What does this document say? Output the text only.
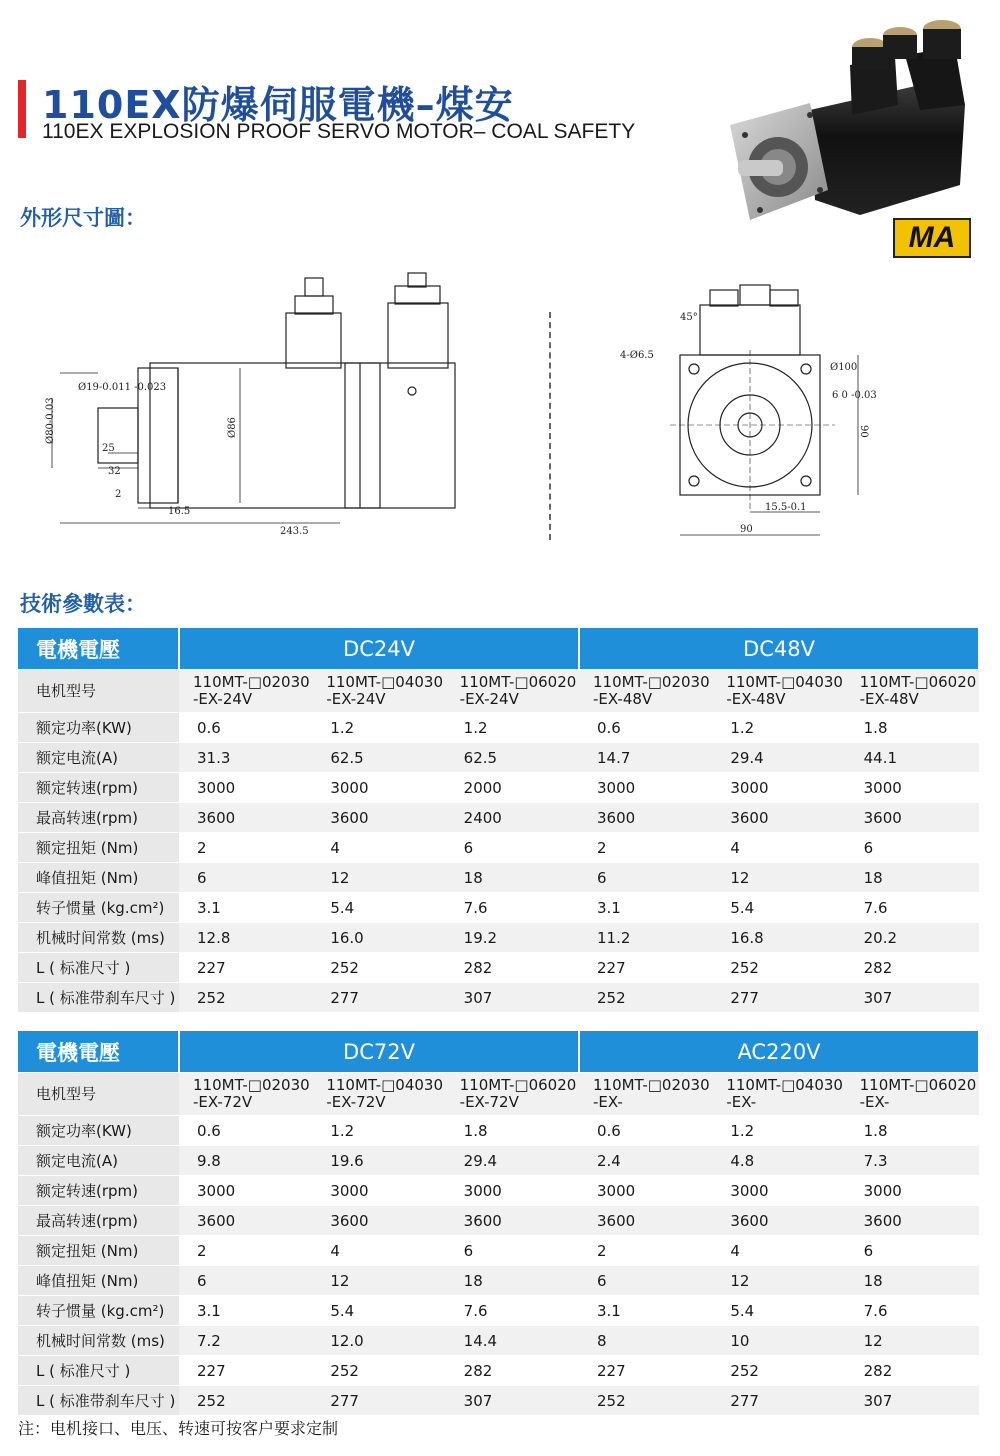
110EX防爆伺服電機–煤安
110EX EXPLOSION PROOF SERVO MOTOR– COAL SAFETY
MA
外形尺寸圖：
Ø19-0.011 -0.023
Ø80-0.03	Ø86
25
32
2
16.5
243.5
4-Ø6.5
45°
Ø100
6 0 -0.03
90
15.5-0.1
90
技術參數表：
電機電壓	DC24V			DC48V		
电机型号	110MT-□02030 -EX-24V	110MT-□04030 -EX-24V	110MT-□06020 -EX-24V	110MT-□02030 -EX-48V	110MT-□04030 -EX-48V	110MT-□06020 -EX-48V
额定功率(KW)	0.6	1.2	1.2	0.6	1.2	1.8
额定电流(A)	31.3	62.5	62.5	14.7	29.4	44.1
额定转速(rpm)	3000	3000	2000	3000	3000	3000
最高转速(rpm)	3600	3600	2400	3600	3600	3600
额定扭矩 (Nm)	2	4	6	2	4	6
峰值扭矩 (Nm)	6	12	18	6	12	18
转子惯量 (kg.cm²)	3.1	5.4	7.6	3.1	5.4	7.6
机械时间常数 (ms)	12.8	16.0	19.2	11.2	16.8	20.2
L ( 标准尺寸 )	227	252	282	227	252	282
L ( 标准带刹车尺寸 )	252	277	307	252	277	307
電機電壓	DC72V			AC220V		
电机型号	110MT-□02030 -EX-72V	110MT-□04030 -EX-72V	110MT-□06020 -EX-72V	110MT-□02030 -EX-	110MT-□04030 -EX-	110MT-□06020 -EX-
额定功率(KW)	0.6	1.2	1.8	0.6	1.2	1.8
额定电流(A)	9.8	19.6	29.4	2.4	4.8	7.3
额定转速(rpm)	3000	3000	3000	3000	3000	3000
最高转速(rpm)	3600	3600	3600	3600	3600	3600
额定扭矩 (Nm)	2	4	6	2	4	6
峰值扭矩 (Nm)	6	12	18	6	12	18
转子惯量 (kg.cm²)	3.1	5.4	7.6	3.1	5.4	7.6
机械时间常数 (ms)	7.2	12.0	14.4	8	10	12
L ( 标准尺寸 )	227	252	282	227	252	282
L ( 标准带刹车尺寸 )	252	277	307	252	277	307
注：电机接口、电压、转速可按客户要求定制
